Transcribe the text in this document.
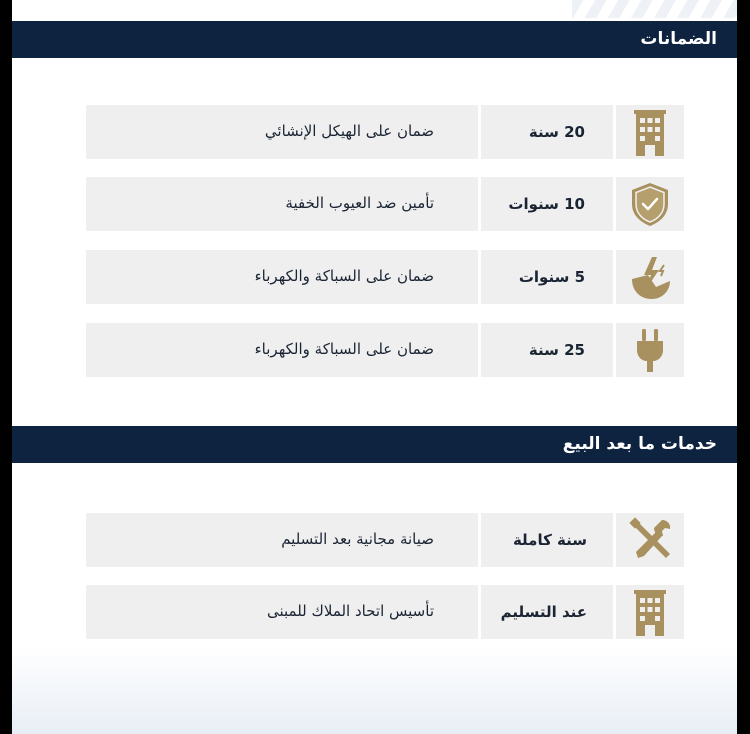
الضمانات
20 سنة
ضمان على الهيكل الإنشائي
10 سنوات
تأمين ضد العيوب الخفية
5 سنوات
ضمان على السباكة والكهرباء
25 سنة
ضمان على السباكة والكهرباء
خدمات ما بعد البيع
سنة كاملة
صيانة مجانية بعد التسليم
عند التسليم
تأسيس اتحاد الملاك للمبنى
